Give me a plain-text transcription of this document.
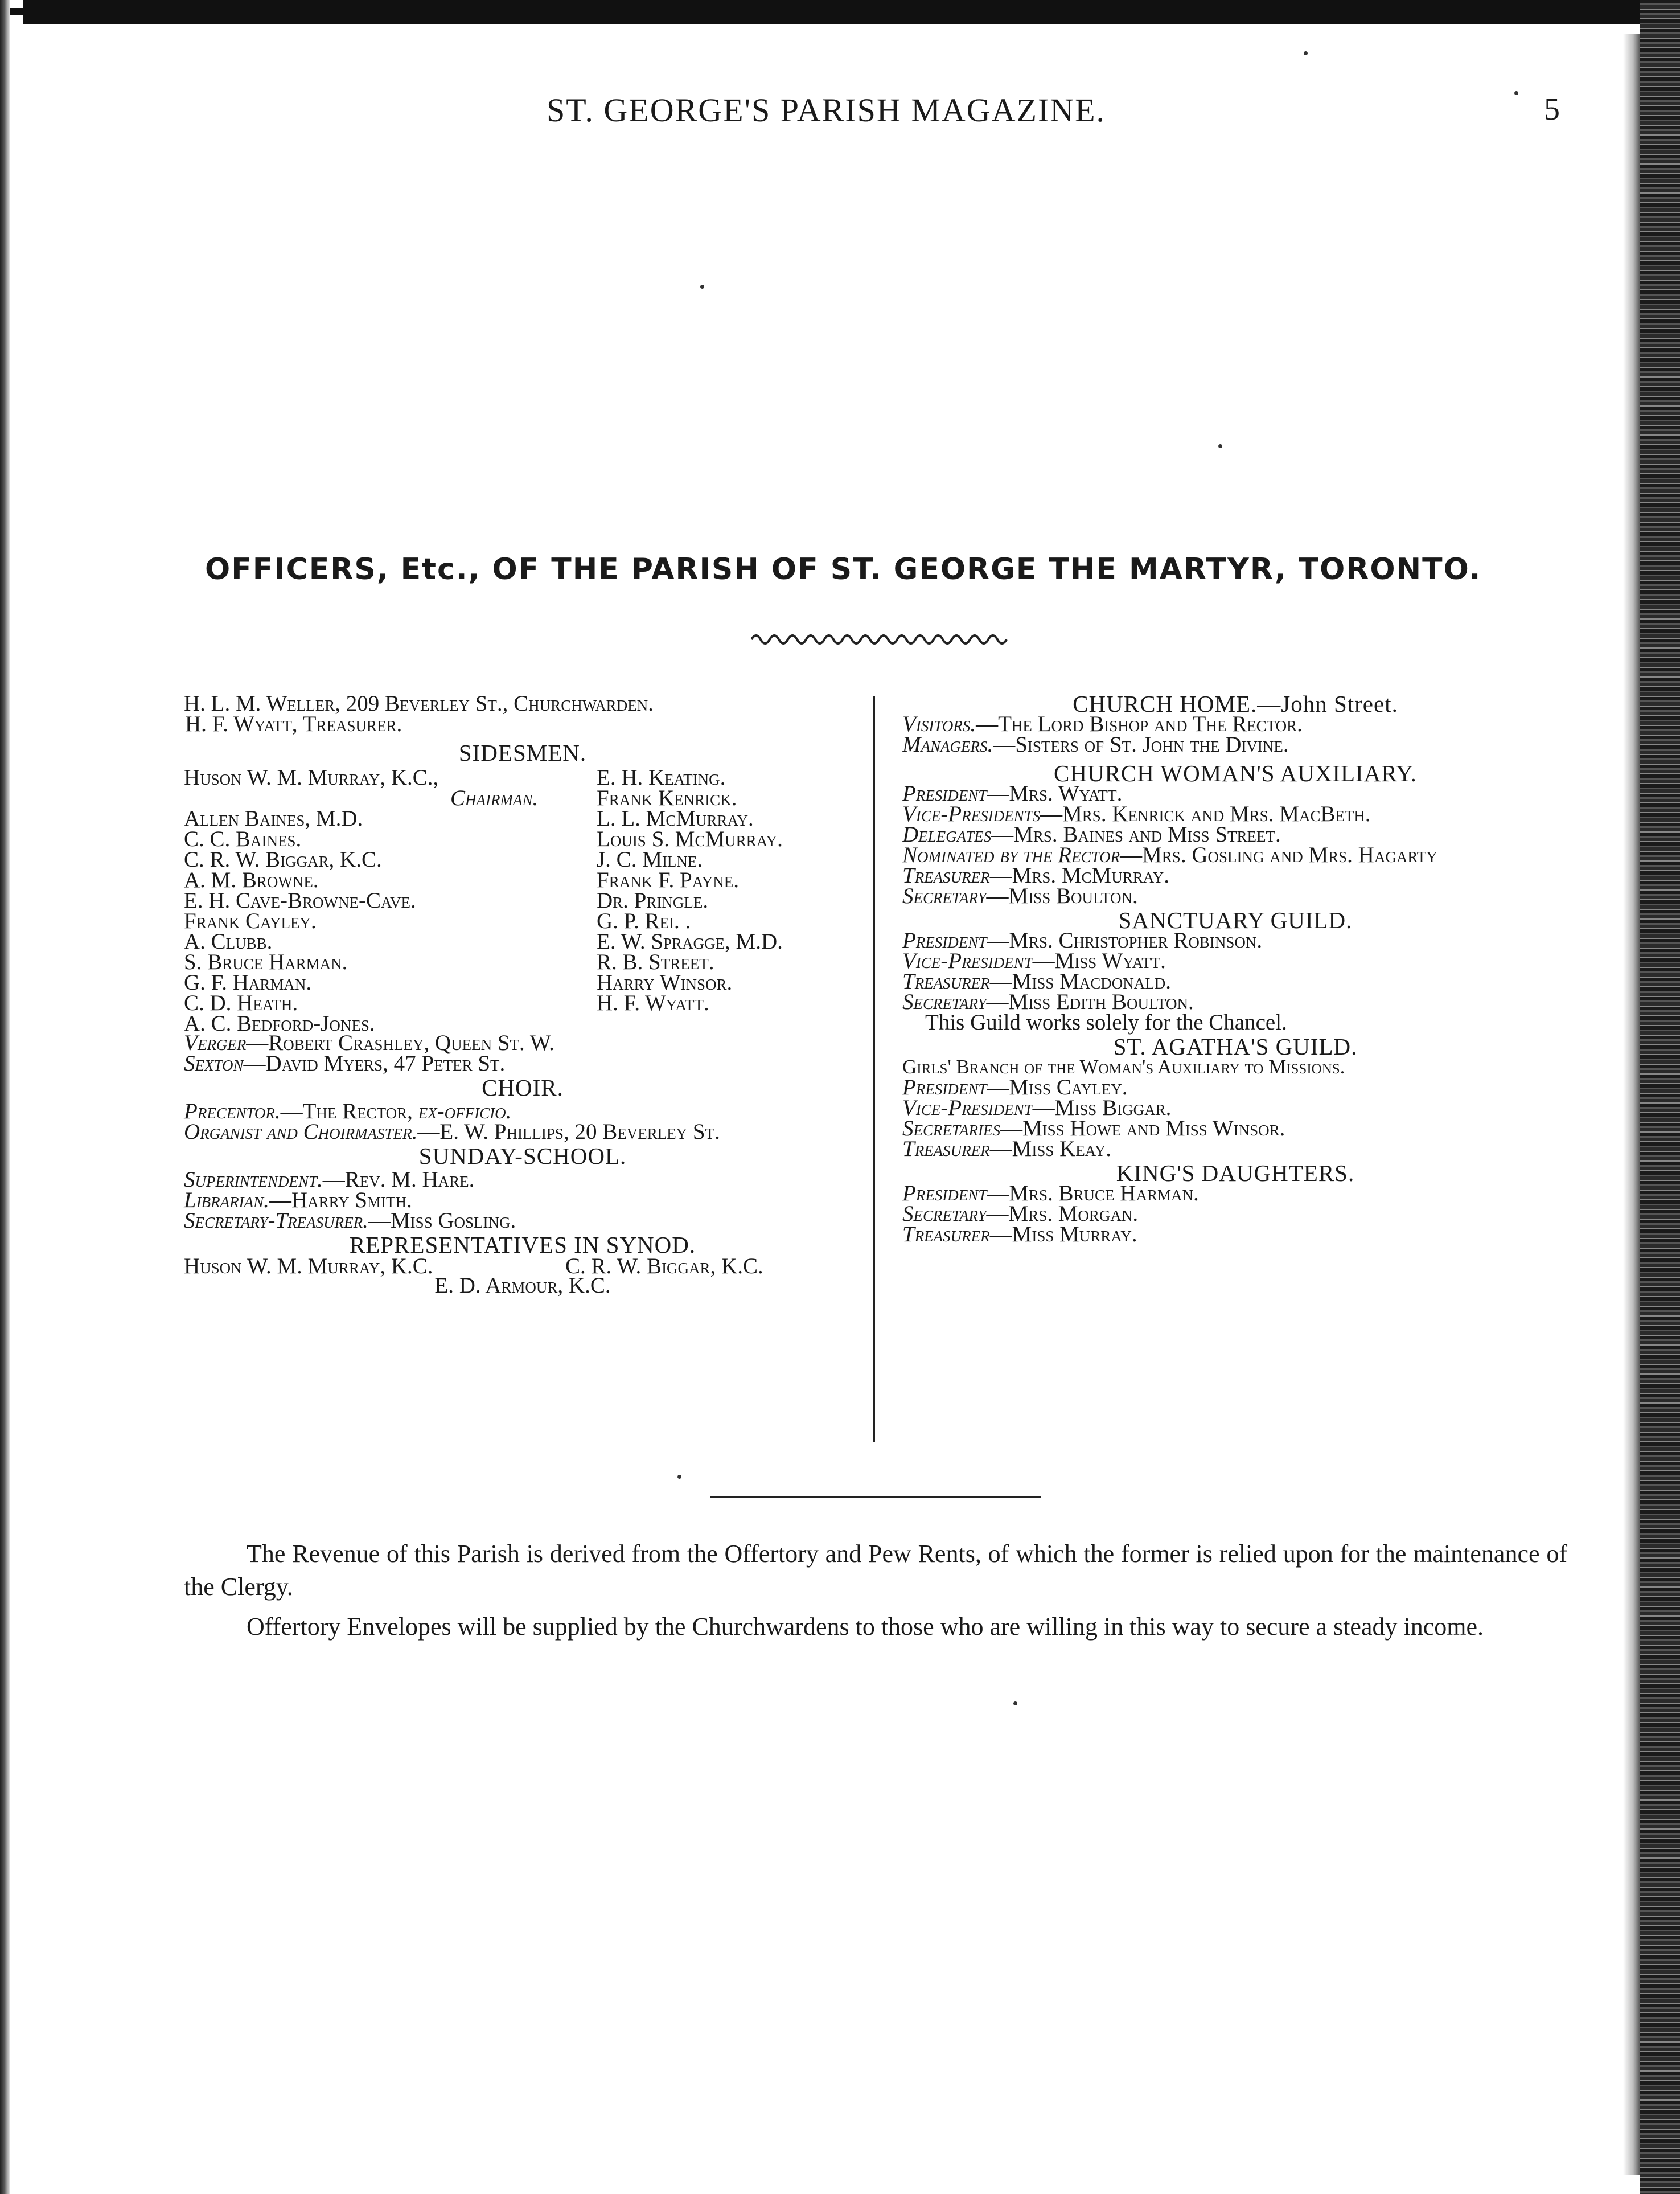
ST. GEORGE'S PARISH MAGAZINE.	5
OFFICERS, Etc., OF THE PARISH OF ST. GEORGE THE MARTYR, TORONTO.
H. L. M. Weller, 209 Beverley St., Churchwarden.
H. F. Wyatt, Treasurer.
SIDESMEN.
Huson W. M. Murray, K.C.,	E. H. Keating.
Chairman.	Frank Kenrick.
Allen Baines, M.D.	L. L. McMurray.
C. C. Baines.	Louis S. McMurray.
C. R. W. Biggar, K.C.	J. C. Milne.
A. M. Browne.	Frank F. Payne.
E. H. Cave-Browne-Cave.	Dr. Pringle.
Frank Cayley.	G. P. Rei. .
A. Clubb.	E. W. Spragge, M.D.
S. Bruce Harman.	R. B. Street.
G. F. Harman.	Harry Winsor.
C. D. Heath.	H. F. Wyatt.
A. C. Bedford-Jones.
Verger—Robert Crashley, Queen St. W.
Sexton—David Myers, 47 Peter St.
CHOIR.
Precentor.—The Rector, ex-officio.
Organist and Choirmaster.—E. W. Phillips, 20 Beverley St.
SUNDAY-SCHOOL.
Superintendent.—Rev. M. Hare.
Librarian.—Harry Smith.
Secretary-Treasurer.—Miss Gosling.
REPRESENTATIVES IN SYNOD.
Huson W. M. Murray, K.C.	C. R. W. Biggar, K.C.
E. D. Armour, K.C.
CHURCH HOME.—John Street.
Visitors.—The Lord Bishop and The Rector.
Managers.—Sisters of St. John the Divine.
CHURCH WOMAN'S AUXILIARY.
President—Mrs. Wyatt.
Vice-Presidents—Mrs. Kenrick and Mrs. MacBeth.
Delegates—Mrs. Baines and Miss Street.
Nominated by the Rector—Mrs. Gosling and Mrs. Hagarty
Treasurer—Mrs. McMurray.
Secretary—Miss Boulton.
SANCTUARY GUILD.
President—Mrs. Christopher Robinson.
Vice-President—Miss Wyatt.
Treasurer—Miss Macdonald.
Secretary—Miss Edith Boulton.
This Guild works solely for the Chancel.
ST. AGATHA'S GUILD.
Girls' Branch of the Woman's Auxiliary to Missions.
President—Miss Cayley.
Vice-President—Miss Biggar.
Secretaries—Miss Howe and Miss Winsor.
Treasurer—Miss Keay.
KING'S DAUGHTERS.
President—Mrs. Bruce Harman.
Secretary—Mrs. Morgan.
Treasurer—Miss Murray.
The Revenue of this Parish is derived from the Offertory and Pew Rents, of which the former is relied upon for the maintenance of the Clergy.
Offertory Envelopes will be supplied by the Churchwardens to those who are willing in this way to secure a steady income.
